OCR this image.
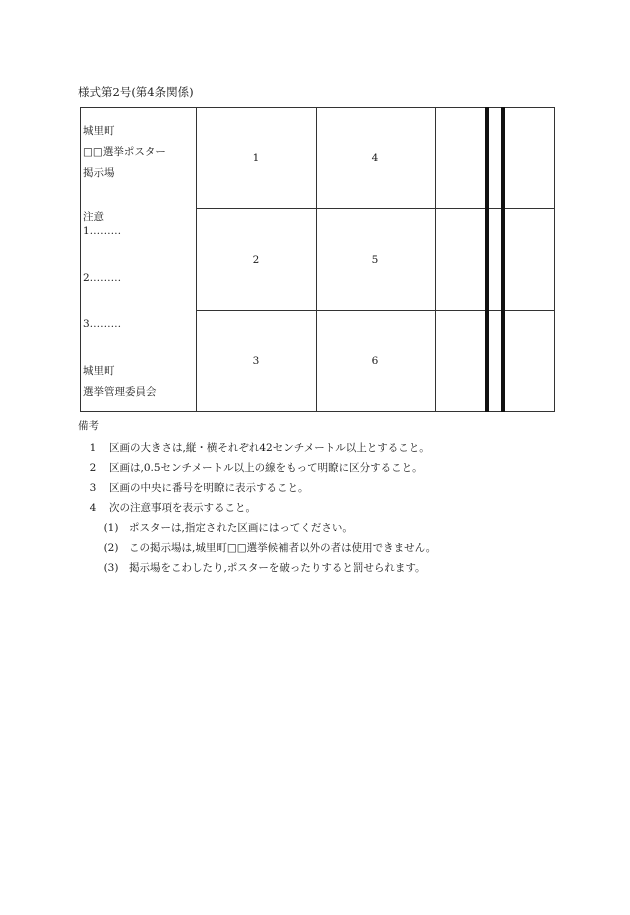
様式第2号(第4条関係)
城里町
□□選挙ポスター
掲示場
注意
1………
2………
3………
城里町
選挙管理委員会
1
2
3
4
5
6
備考
1 区画の大きさは,縦・横それぞれ42センチメートル以上とすること。
2 区画は,0.5センチメートル以上の線をもって明瞭に区分すること。
3 区画の中央に番号を明瞭に表示すること。
4 次の注意事項を表示すること。
(1) ポスターは,指定された区画にはってください。
(2) この掲示場は,城里町□□選挙候補者以外の者は使用できません。
(3) 掲示場をこわしたり,ポスターを破ったりすると罰せられます。
